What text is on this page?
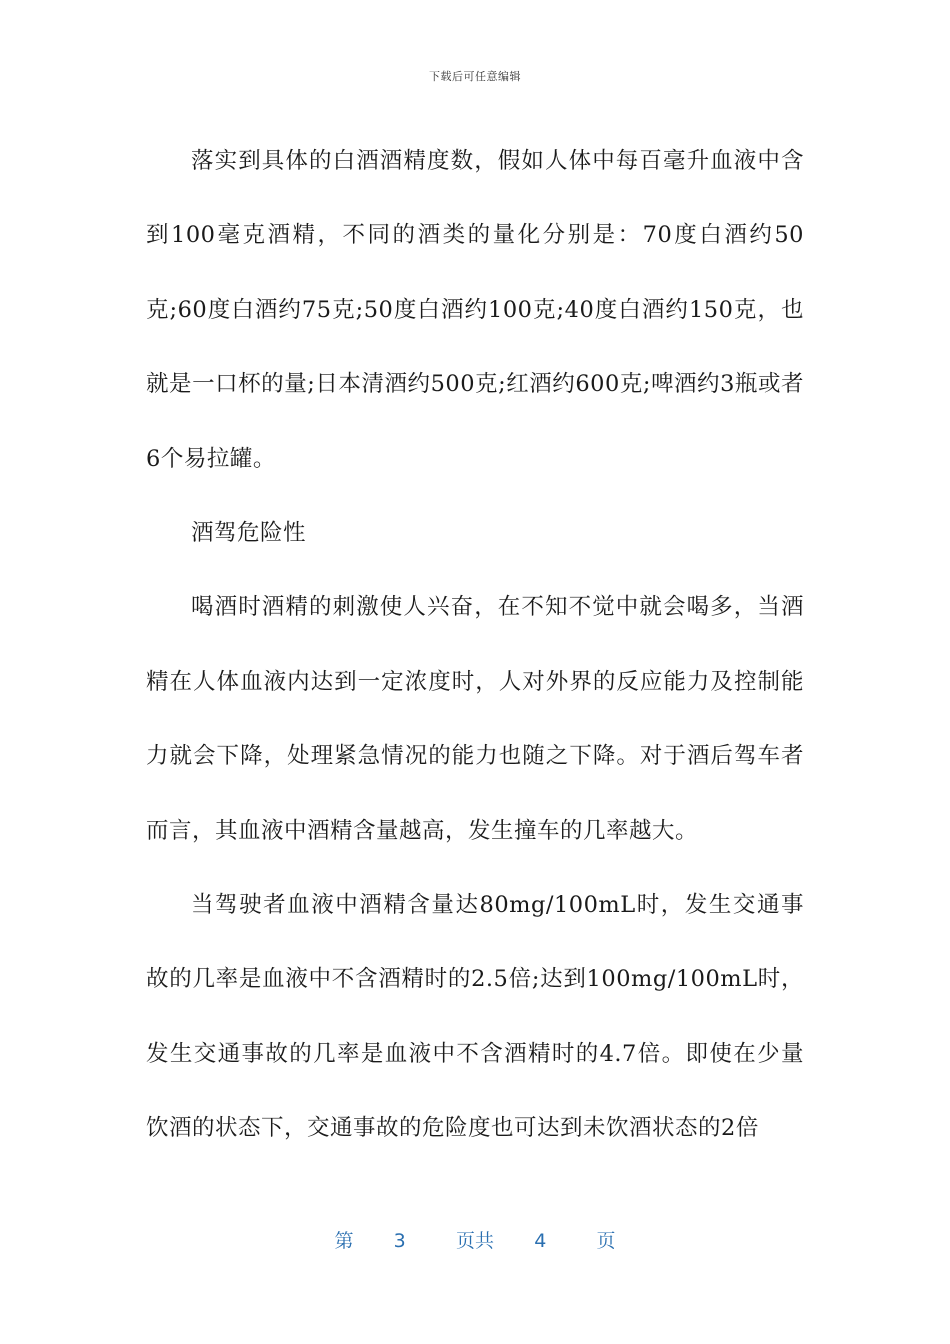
下载后可任意编辑

落实到具体的白酒酒精度数，假如人体中每百毫升血液中含到100毫克酒精，不同的酒类的量化分别是：70度白酒约50克;60度白酒约75克;50度白酒约100克;40度白酒约150克，也就是一口杯的量;日本清酒约500克;红酒约600克;啤酒约3瓶或者6个易拉罐。

酒驾危险性

喝酒时酒精的刺激使人兴奋，在不知不觉中就会喝多，当酒精在人体血液内达到一定浓度时，人对外界的反应能力及控制能力就会下降，处理紧急情况的能力也随之下降。对于酒后驾车者而言，其血液中酒精含量越高，发生撞车的几率越大。

当驾驶者血液中酒精含量达80mg/100mL时，发生交通事故的几率是血液中不含酒精时的2.5倍;达到100mg/100mL时，发生交通事故的几率是血液中不含酒精时的4.7倍。即使在少量饮酒的状态下，交通事故的危险度也可达到未饮酒状态的2倍

第 3	页共 4	页
